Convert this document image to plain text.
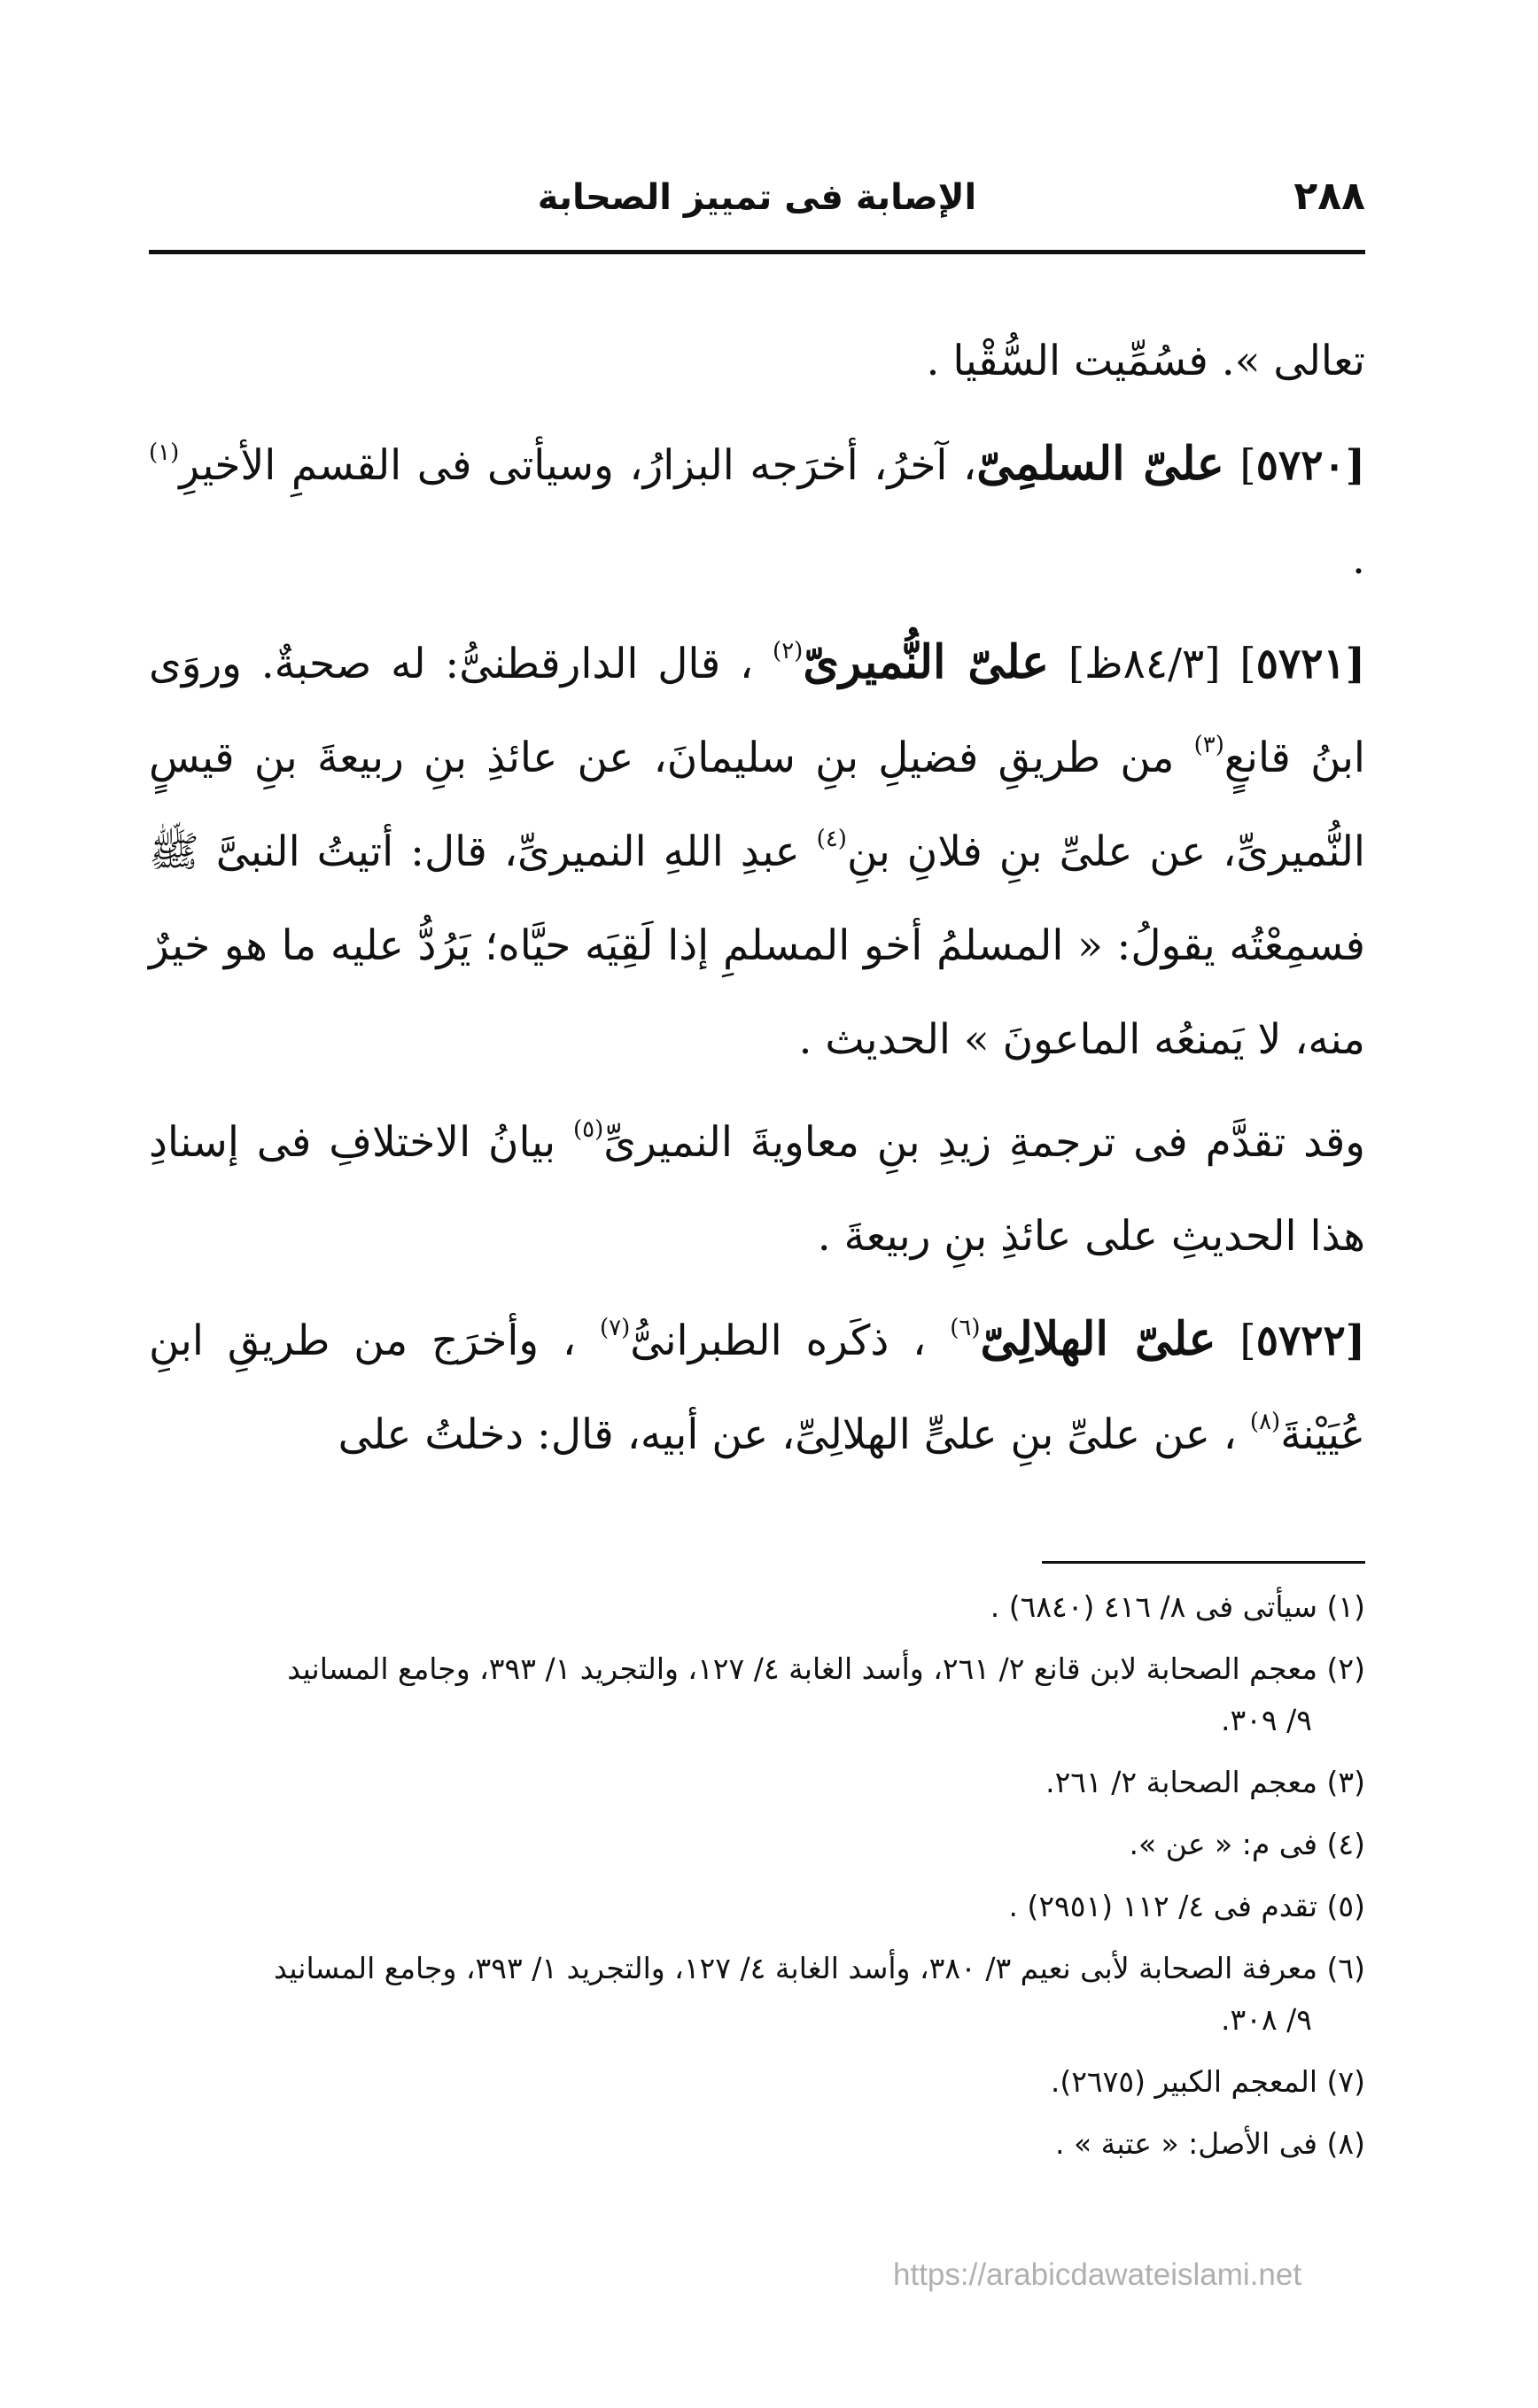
٢٨٨
الإصابة فى تمييز الصحابة

تعالى ». فسُمِّيت السُّقْيا .

[٥٧٢٠] علىّ السلمِىّ، آخرُ، أخرَجه البزارُ، وسيأتى فى القسمِ الأخيرِ$^{(١)}$ .

[٥٧٢١] [٨٤/٣ظ] علىّ النُّميرىّ$^{(٢)}$ ، قال الدارقطنىُّ: له صحبةٌ. وروَى ابنُ قانعٍ$^{(٣)}$ من طريقِ فضيلِ بنِ سليمانَ، عن عائذِ بنِ ربيعةَ بنِ قيسٍ النُّميرىِّ، عن علىِّ بنِ فلانِ بنِ$^{(٤)}$ عبدِ اللهِ النميرىِّ، قال: أتيتُ النبىَّ ﷺ فسمِعْتُه يقولُ: « المسلمُ أخو المسلمِ إذا لَقِيَه حيَّاه؛ يَرُدُّ عليه ما هو خيرٌ منه، لا يَمنعُه الماعونَ » الحديث .

وقد تقدَّم فى ترجمةِ زيدِ بنِ معاويةَ النميرىِّ$^{(٥)}$ بيانُ الاختلافِ فى إسنادِ هذا الحديثِ على عائذِ بنِ ربيعةَ .

[٥٧٢٢] علىّ الهلالِىّ$^{(٦)}$ ، ذكَره الطبرانىُّ$^{(٧)}$ ، وأخرَج من طريقِ ابنِ عُيَيْنةَ$^{(٨)}$ ، عن علىِّ بنِ علىٍّ الهلالِىِّ، عن أبيه، قال: دخلتُ على

(١) سيأتى فى ٨/ ٤١٦ (٦٨٤٠) .

(٢) معجم الصحابة لابن قانع ٢/ ٢٦١، وأسد الغابة ٤/ ١٢٧، والتجريد ١/ ٣٩٣، وجامع المسانيد
٩/ ٣٠٩.

(٣) معجم الصحابة ٢/ ٢٦١.

(٤) فى م: « عن ».

(٥) تقدم فى ٤/ ١١٢ (٢٩٥١) .

(٦) معرفة الصحابة لأبى نعيم ٣/ ٣٨٠، وأسد الغابة ٤/ ١٢٧، والتجريد ١/ ٣٩٣، وجامع المسانيد
٩/ ٣٠٨.

(٧) المعجم الكبير (٢٦٧٥).

(٨) فى الأصل: « عتبة » .

https://arabicdawateislami.net
